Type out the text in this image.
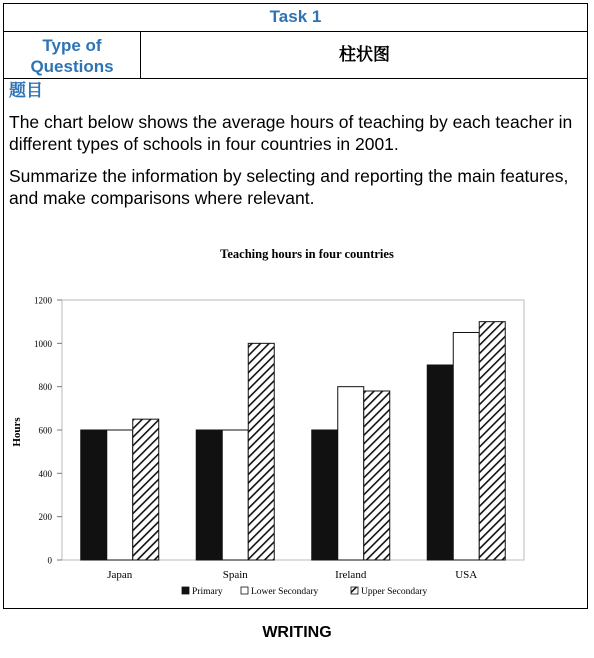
Task 1
Type of Questions
柱状图
题目
The chart below shows the average hours of teaching by each teacher in different types of schools in four countries in 2001.
Summarize the information by selecting and reporting the main features, and make comparisons where relevant.
Teaching hours in four countries
Hours
0
200
400
600
800
1000
1200
Japan	Spain	Ireland	USA
Primary	Lower Secondary	Upper Secondary
WRITING
